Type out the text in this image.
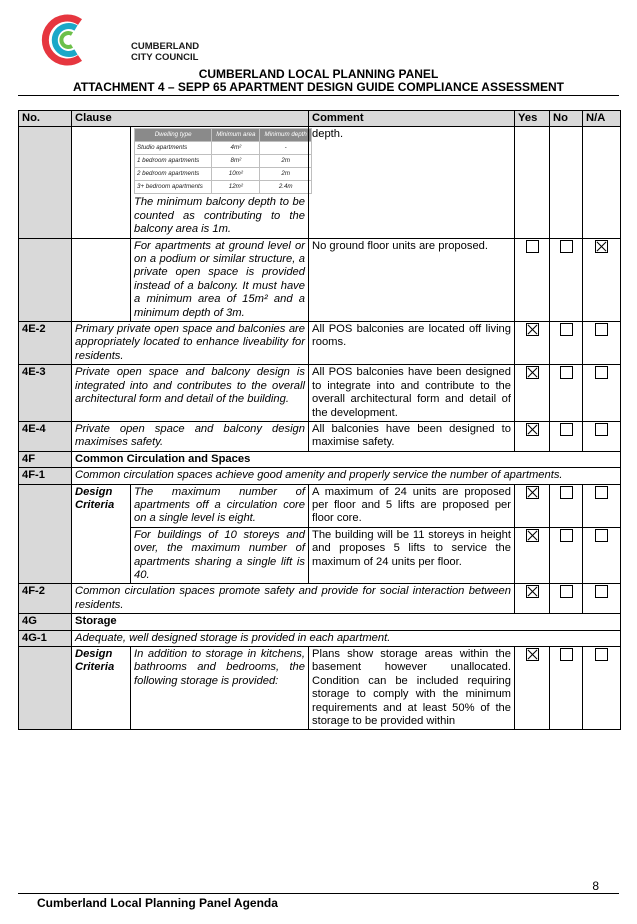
CUMBERLAND
CITY COUNCIL
CUMBERLAND LOCAL PLANNING PANEL
ATTACHMENT 4 – SEPP 65 APARTMENT DESIGN GUIDE COMPLIANCE ASSESSMENT
No.	Clause	Comment	Yes	No	N/A

Dwelling type	Minimum area	Minimum depth
Studio apartments	4m²	-
1 bedroom apartments	8m²	2m
2 bedroom apartments	10m²	2m
3+ bedroom apartments	12m²	2.4m
The minimum balcony depth to be counted as contributing to the balcony area is 1m.
	depth.			
		For apartments at ground level or on a podium or similar structure, a private open space is provided instead of a balcony. It must have a minimum area of 15m² and a minimum depth of 3m.	No ground floor units are proposed.			
4E-2	Primary private open space and balconies are appropriately located to enhance liveability for residents.	All POS balconies are located off living rooms.			
4E-3	Private open space and balcony design is integrated into and contributes to the overall architectural form and detail of the building.	All POS balconies have been designed to integrate into and contribute to the overall architectural form and detail of the development.			
4E-4	Private open space and balcony design maximises safety.	All balconies have been designed to maximise safety.			
4F	Common Circulation and Spaces
4F-1	Common circulation spaces achieve good amenity and properly service the number of apartments.
	Design Criteria	The maximum number of apartments off a circulation core on a single level is eight.	A maximum of 24 units are proposed per floor and 5 lifts are proposed per floor core.			
For buildings of 10 storeys and over, the maximum number of apartments sharing a single lift is 40.	The building will be 11 storeys in height and proposes 5 lifts to service the maximum of 24 units per floor.			
4F-2	Common circulation spaces promote safety and provide for social interaction between residents.			
4G	Storage
4G-1	Adequate, well designed storage is provided in each apartment.
	Design Criteria	In addition to storage in kitchens, bathrooms and bedrooms, the following storage is provided:	Plans show storage areas within the basement however unallocated. Condition can be included requiring storage to comply with the minimum requirements and at least 50% of the storage to be provided within			
8
Cumberland Local Planning Panel Agenda
